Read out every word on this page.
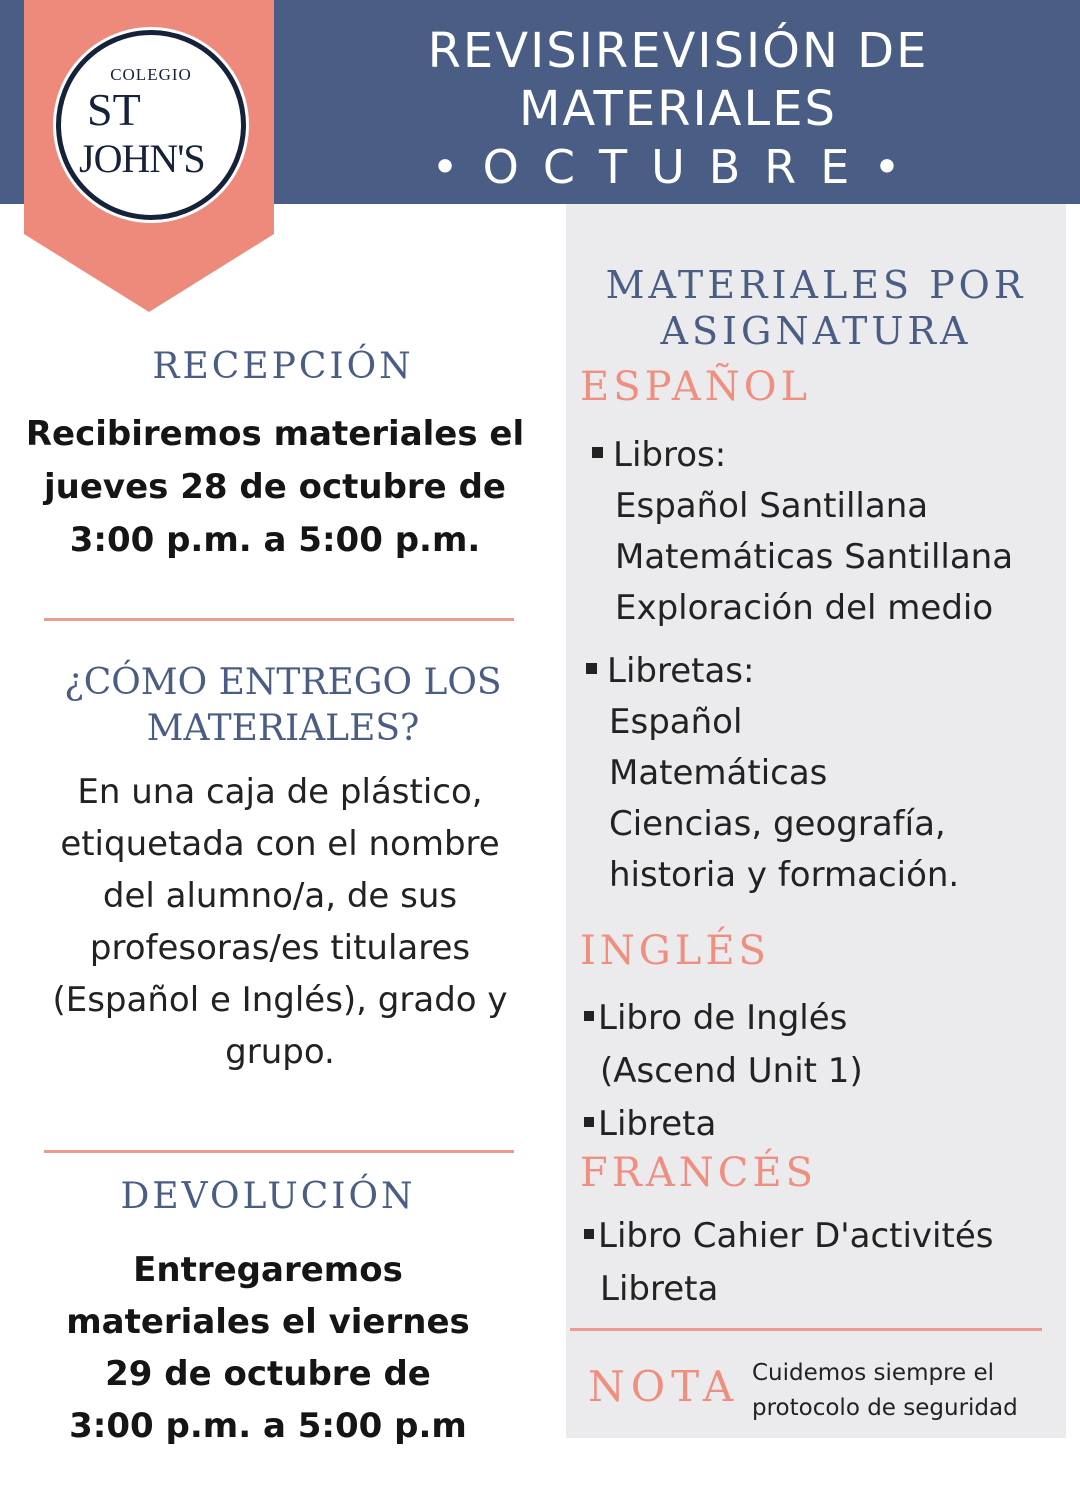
REVISIREVISIÓN DE
MATERIALES
•OCTUBRE•
COLEGIO
ST
JOHN'S
RECEPCIÓN
Recibiremos materiales el
jueves 28 de octubre de
3:00 p.m. a 5:00 p.m.
¿CÓMO ENTREGO LOS
MATERIALES?
En una caja de plástico,
etiquetada con el nombre
del alumno/a, de sus
profesoras/es titulares
(Español e Inglés), grado y
grupo.
DEVOLUCIÓN
Entregaremos
materiales el viernes
29 de octubre de
3:00 p.m. a 5:00 p.m
MATERIALES POR
ASIGNATURA
ESPAÑOL
Libros:
Español Santillana
Matemáticas Santillana
Exploración del medio
Libretas:
Español
Matemáticas
Ciencias, geografía,
historia y formación.
INGLÉS
Libro de Inglés
(Ascend Unit 1)
Libreta
FRANCÉS
Libro Cahier D'activités
Libreta
NOTA Cuidemos siempre el
protocolo de seguridad
